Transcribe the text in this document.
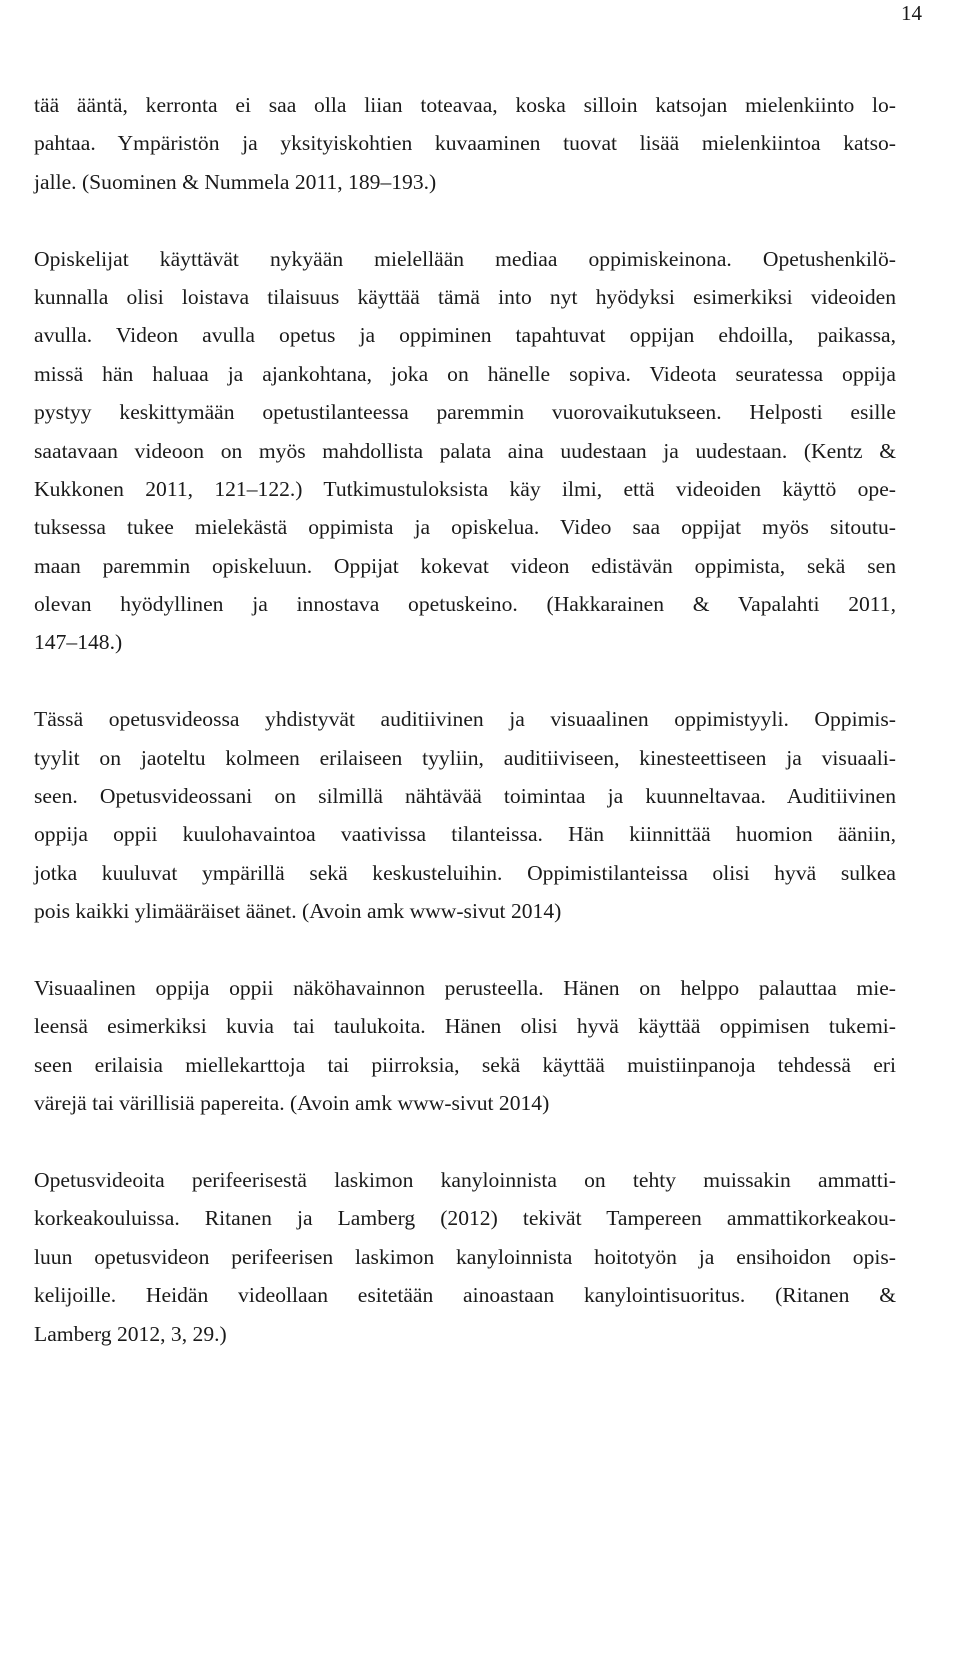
14
tää ääntä, kerronta ei saa olla liian toteavaa, koska silloin katsojan mielenkiinto lo-
pahtaa. Ympäristön ja yksityiskohtien kuvaaminen tuovat lisää mielenkiintoa katso-
jalle. (Suominen & Nummela 2011, 189–193.)
Opiskelijat käyttävät nykyään mielellään mediaa oppimiskeinona. Opetushenkilö-
kunnalla olisi loistava tilaisuus käyttää tämä into nyt hyödyksi esimerkiksi videoiden
avulla. Videon avulla opetus ja oppiminen tapahtuvat oppijan ehdoilla, paikassa,
missä hän haluaa ja ajankohtana, joka on hänelle sopiva. Videota seuratessa oppija
pystyy keskittymään opetustilanteessa paremmin vuorovaikutukseen. Helposti esille
saatavaan videoon on myös mahdollista palata aina uudestaan ja uudestaan. (Kentz &
Kukkonen 2011, 121–122.) Tutkimustuloksista käy ilmi, että videoiden käyttö ope-
tuksessa tukee mielekästä oppimista ja opiskelua. Video saa oppijat myös sitoutu-
maan paremmin opiskeluun. Oppijat kokevat videon edistävän oppimista, sekä sen
olevan hyödyllinen ja innostava opetuskeino. (Hakkarainen & Vapalahti 2011,
147–148.)
Tässä opetusvideossa yhdistyvät auditiivinen ja visuaalinen oppimistyyli. Oppimis-
tyylit on jaoteltu kolmeen erilaiseen tyyliin, auditiiviseen, kinesteettiseen ja visuaali-
seen. Opetusvideossani on silmillä nähtävää toimintaa ja kuunneltavaa. Auditiivinen
oppija oppii kuulohavaintoa vaativissa tilanteissa. Hän kiinnittää huomion ääniin,
jotka kuuluvat ympärillä sekä keskusteluihin. Oppimistilanteissa olisi hyvä sulkea
pois kaikki ylimääräiset äänet. (Avoin amk www-sivut 2014)
Visuaalinen oppija oppii näköhavainnon perusteella. Hänen on helppo palauttaa mie-
leensä esimerkiksi kuvia tai taulukoita. Hänen olisi hyvä käyttää oppimisen tukemi-
seen erilaisia miellekarttoja tai piirroksia, sekä käyttää muistiinpanoja tehdessä eri
värejä tai värillisiä papereita. (Avoin amk www-sivut 2014)
Opetusvideoita perifeerisestä laskimon kanyloinnista on tehty muissakin ammatti-
korkeakouluissa. Ritanen ja Lamberg (2012) tekivät Tampereen ammattikorkeakou-
luun opetusvideon perifeerisen laskimon kanyloinnista hoitotyön ja ensihoidon opis-
kelijoille. Heidän videollaan esitetään ainoastaan kanylointisuoritus. (Ritanen &
Lamberg 2012, 3, 29.)
